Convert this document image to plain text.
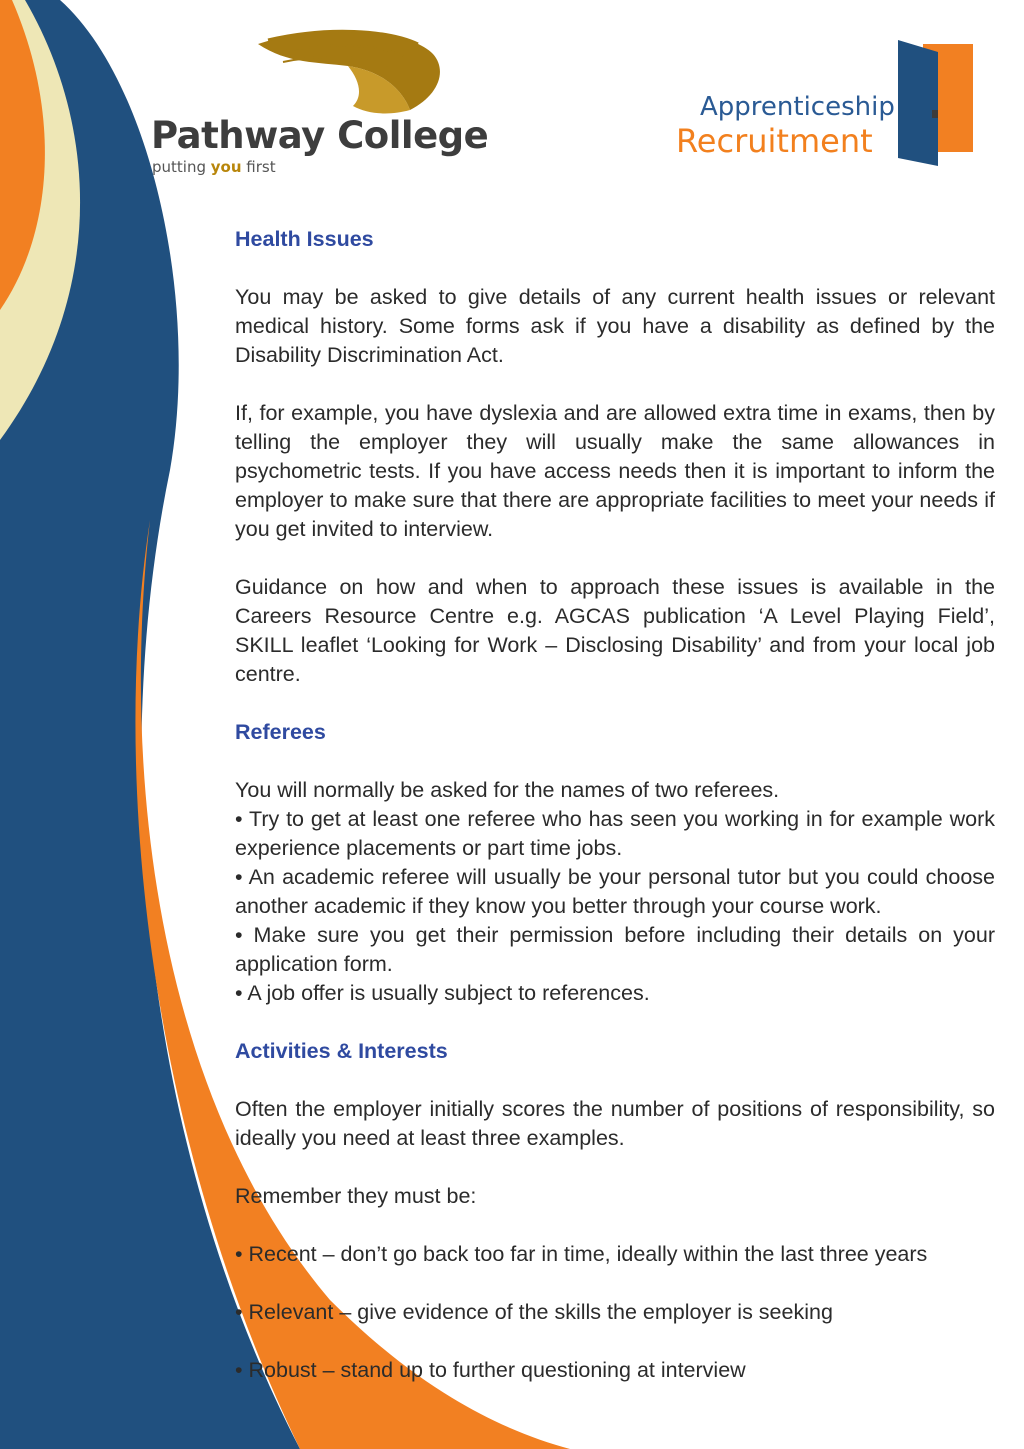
Pathway College
putting you first
Apprenticeship
Recruitment
Health Issues

You may be asked to give details of any current health issues or relevant medical history. Some forms ask if you have a disability as defined by the Disability Discrimination Act.

If, for example, you have dyslexia and are allowed extra time in exams, then by telling the employer they will usually make the same allowances in psychometric tests. If you have access needs then it is important to inform the employer to make sure that there are appropriate facilities to meet your needs if you get invited to interview.

Guidance on how and when to approach these issues is available in the Careers Resource Centre e.g. AGCAS publication ‘A Level Playing Field’, SKILL leaflet ‘Looking for Work – Disclosing Disability’ and from your local job centre.

Referees
You will normally be asked for the names of two referees.
• Try to get at least one referee who has seen you working in for example work experience placements or part time jobs.
• An academic referee will usually be your personal tutor but you could choose another academic if they know you better through your course work.
• Make sure you get their permission before including their details on your application form.
• A job offer is usually subject to references.
Activities & Interests

Often the employer initially scores the number of positions of responsibility, so ideally you need at least three examples.

Remember they must be:

• Recent – don’t go back too far in time, ideally within the last three years
• Relevant – give evidence of the skills the employer is seeking
• Robust – stand up to further questioning at interview
